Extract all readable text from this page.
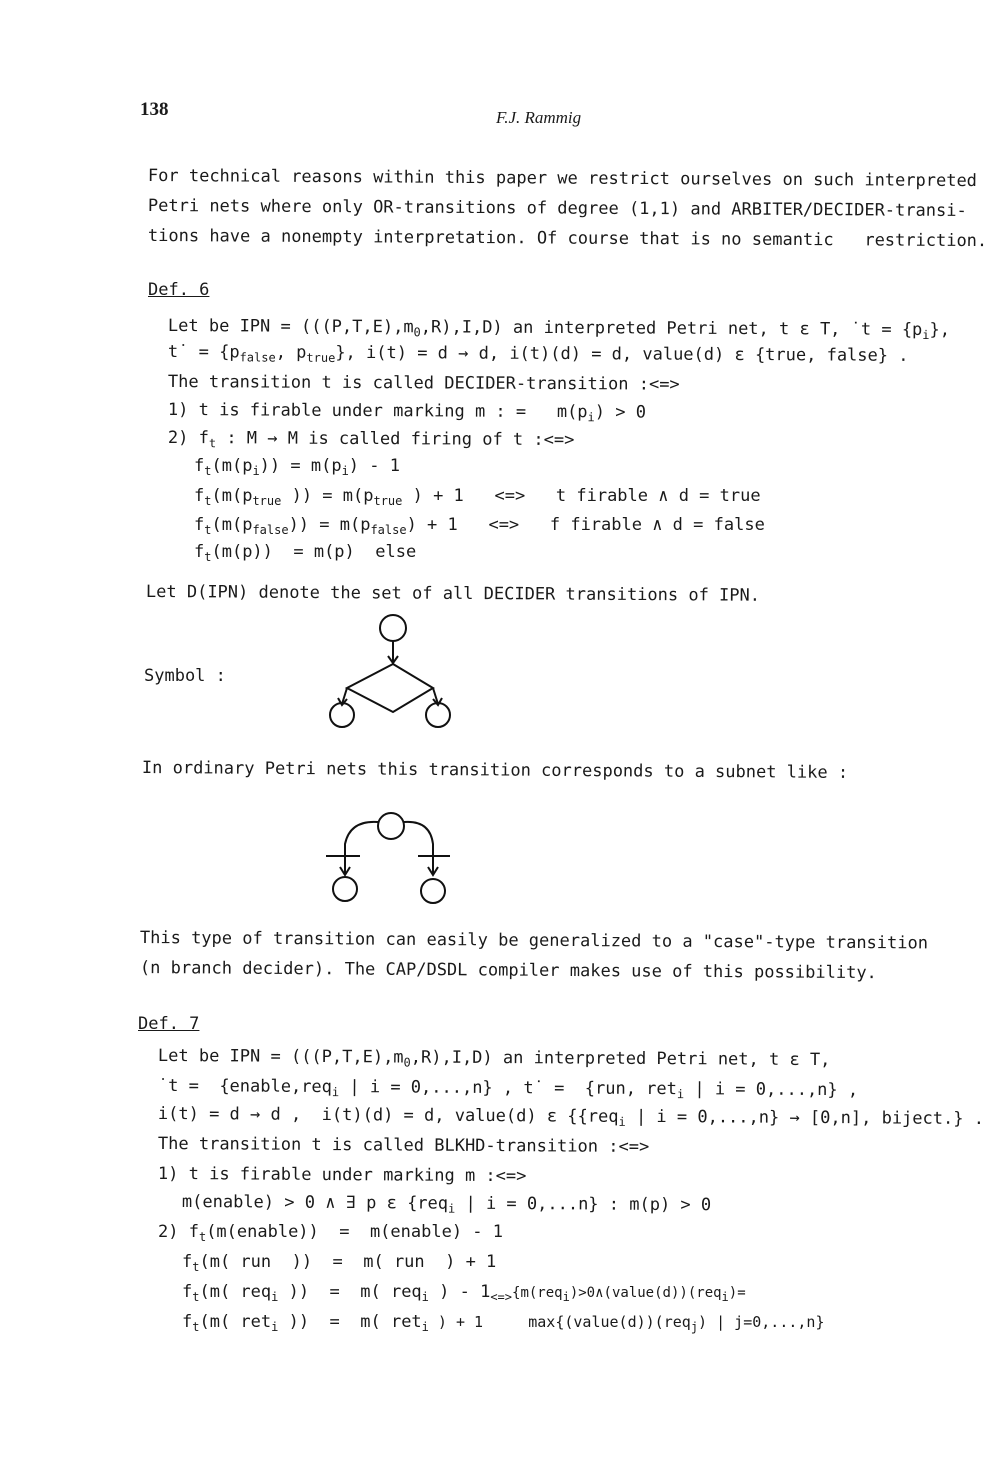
138	F.J. Rammig
For technical reasons within this paper we restrict ourselves on such interpreted
Petri nets where only OR-transitions of degree (1,1) and ARBITER/DECIDER-transi-
tions have a nonempty interpretation. Of course that is no semantic   restriction.
Def. 6
Let be IPN = $(((P,T,E),m_0,R),I,D)$ an interpreted Petri net, t ε T, ˙t = $\{p_i\}$,
t˙ = {$p_{false}$, $p_{true}$}, i(t) = d → d, i(t)(d) = d, value(d) ε {true, false} .
The transition t is called DECIDER-transition :<=>
1) t is firable under marking m : =   $m(p_i) > 0$
2) $f_t$ : M → M is called firing of t :<=>
$f_t(m(p_i)) = m(p_i) - 1$
$f_t(m(p_{true}$ )) = $m(p_{true}$ ) + 1   <=>   t firable ∧ d = true
$f_t(m(p_{false})) = m(p_{false}) + 1$   <=>   f firable ∧ d = false
$f_t(m(p)) = m(p)$  else
Let D(IPN) denote the set of all DECIDER transitions of IPN.
Symbol :
In ordinary Petri nets this transition corresponds to a subnet like :
This type of transition can easily be generalized to a "case"-type transition
(n branch decider). The CAP/DSDL compiler makes use of this possibility.
Def. 7
Let be IPN = $(((P,T,E),m_0,R),I,D)$ an interpreted Petri net, t ε T,
˙t =  {enable,req$_i$ | i = 0,...,n} , t˙ =  {run, ret$_i$ | i = 0,...,n} ,
i(t) = d → d ,  i(t)(d) = d, value(d) ε {{req$_i$ | i = 0,...,n} → [0,n], biject.} .
The transition t is called BLKHD-transition :<=>
1) t is firable under marking m :<=>
m(enable) > 0 ∧ ∃ p ε {req$_i$ | i = 0,...n} : m(p) > 0
2) $f_t(m(enable))$  =  m(enable) - 1
$f_t(m$( run  ))  =  m( run  ) + 1
$f_t(m$( req$_i$ ))  =  m( req$_i$ ) - $1_{<=>}\{m(req_i)>0\wedge(value(d))(req_i)=$
$f_t(m$( ret$_i$ ))  =  m( ret$_i$ ) + 1     max{(value(d))(req$_j$) | j=0,...,n}
